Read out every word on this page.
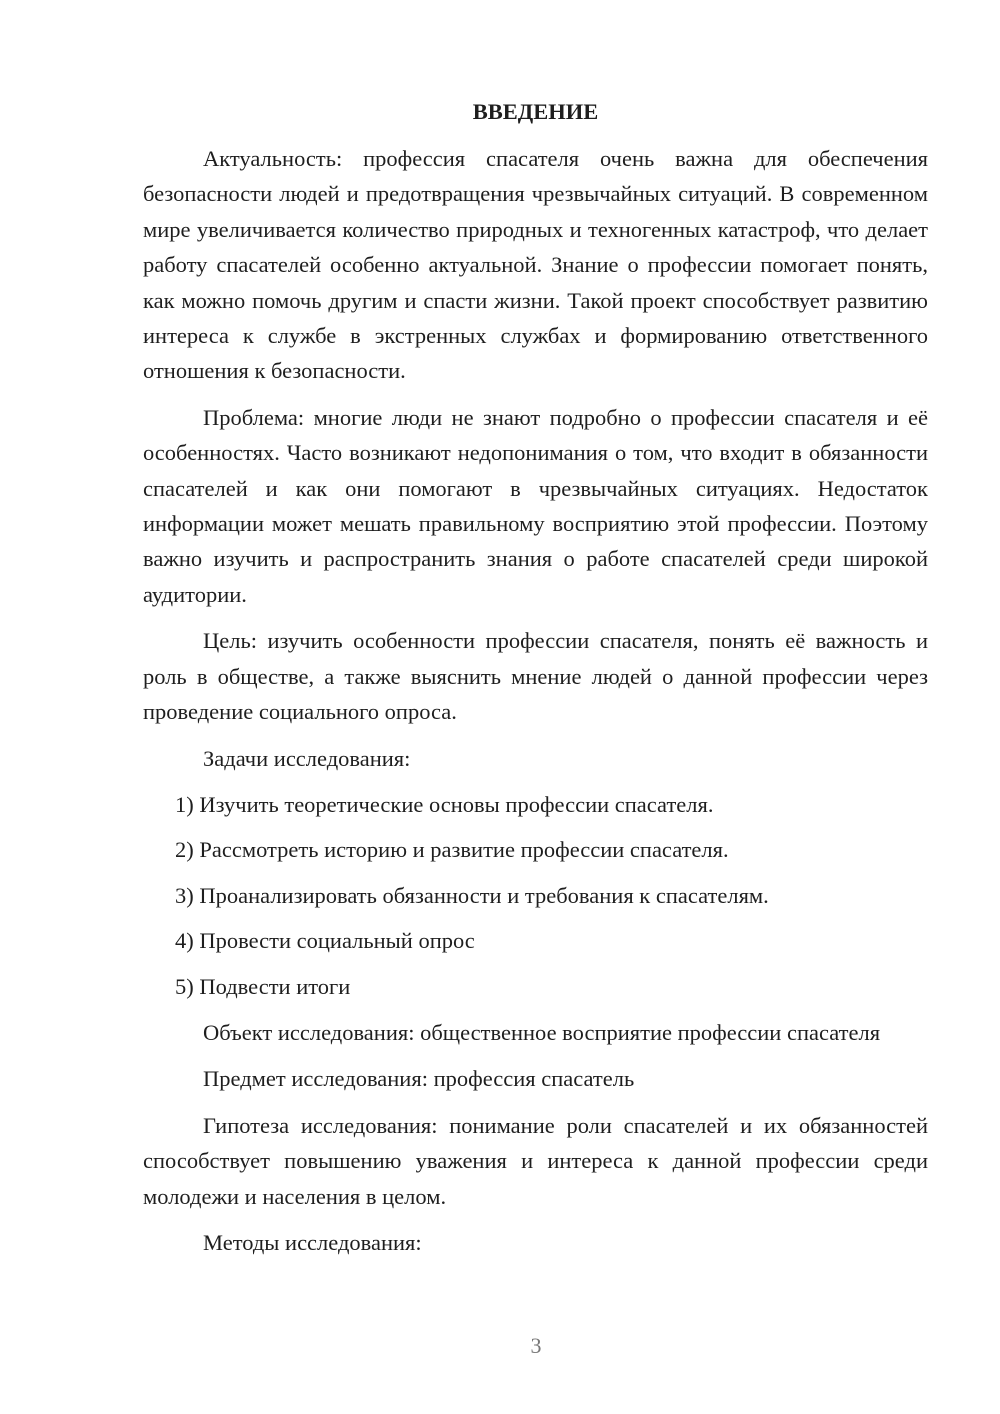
ВВЕДЕНИЕ

Актуальность: профессия спасателя очень важна для обеспечения безопасности людей и предотвращения чрезвычайных ситуаций. В современном мире увеличивается количество природных и техногенных катастроф, что делает работу спасателей особенно актуальной. Знание о профессии помогает понять, как можно помочь другим и спасти жизни. Такой проект способствует развитию интереса к службе в экстренных службах и формированию ответственного отношения к безопасности.

Проблема: многие люди не знают подробно о профессии спасателя и её особенностях. Часто возникают недопонимания о том, что входит в обязанности спасателей и как они помогают в чрезвычайных ситуациях. Недостаток информации может мешать правильному восприятию этой профессии. Поэтому важно изучить и распространить знания о работе спасателей среди широкой аудитории.

Цель: изучить особенности профессии спасателя, понять её важность и роль в обществе, а также выяснить мнение людей о данной профессии через проведение социального опроса.

Задачи исследования:

1) Изучить теоретические основы профессии спасателя.
2) Рассмотреть историю и развитие профессии спасателя.
3) Проанализировать обязанности и требования к спасателям.
4) Провести социальный опрос
5) Подвести итоги

Объект исследования: общественное восприятие профессии спасателя

Предмет исследования: профессия спасатель

Гипотеза исследования: понимание роли спасателей и их обязанностей способствует повышению уважения и интереса к данной профессии среди молодежи и населения в целом.

Методы исследования:

3
